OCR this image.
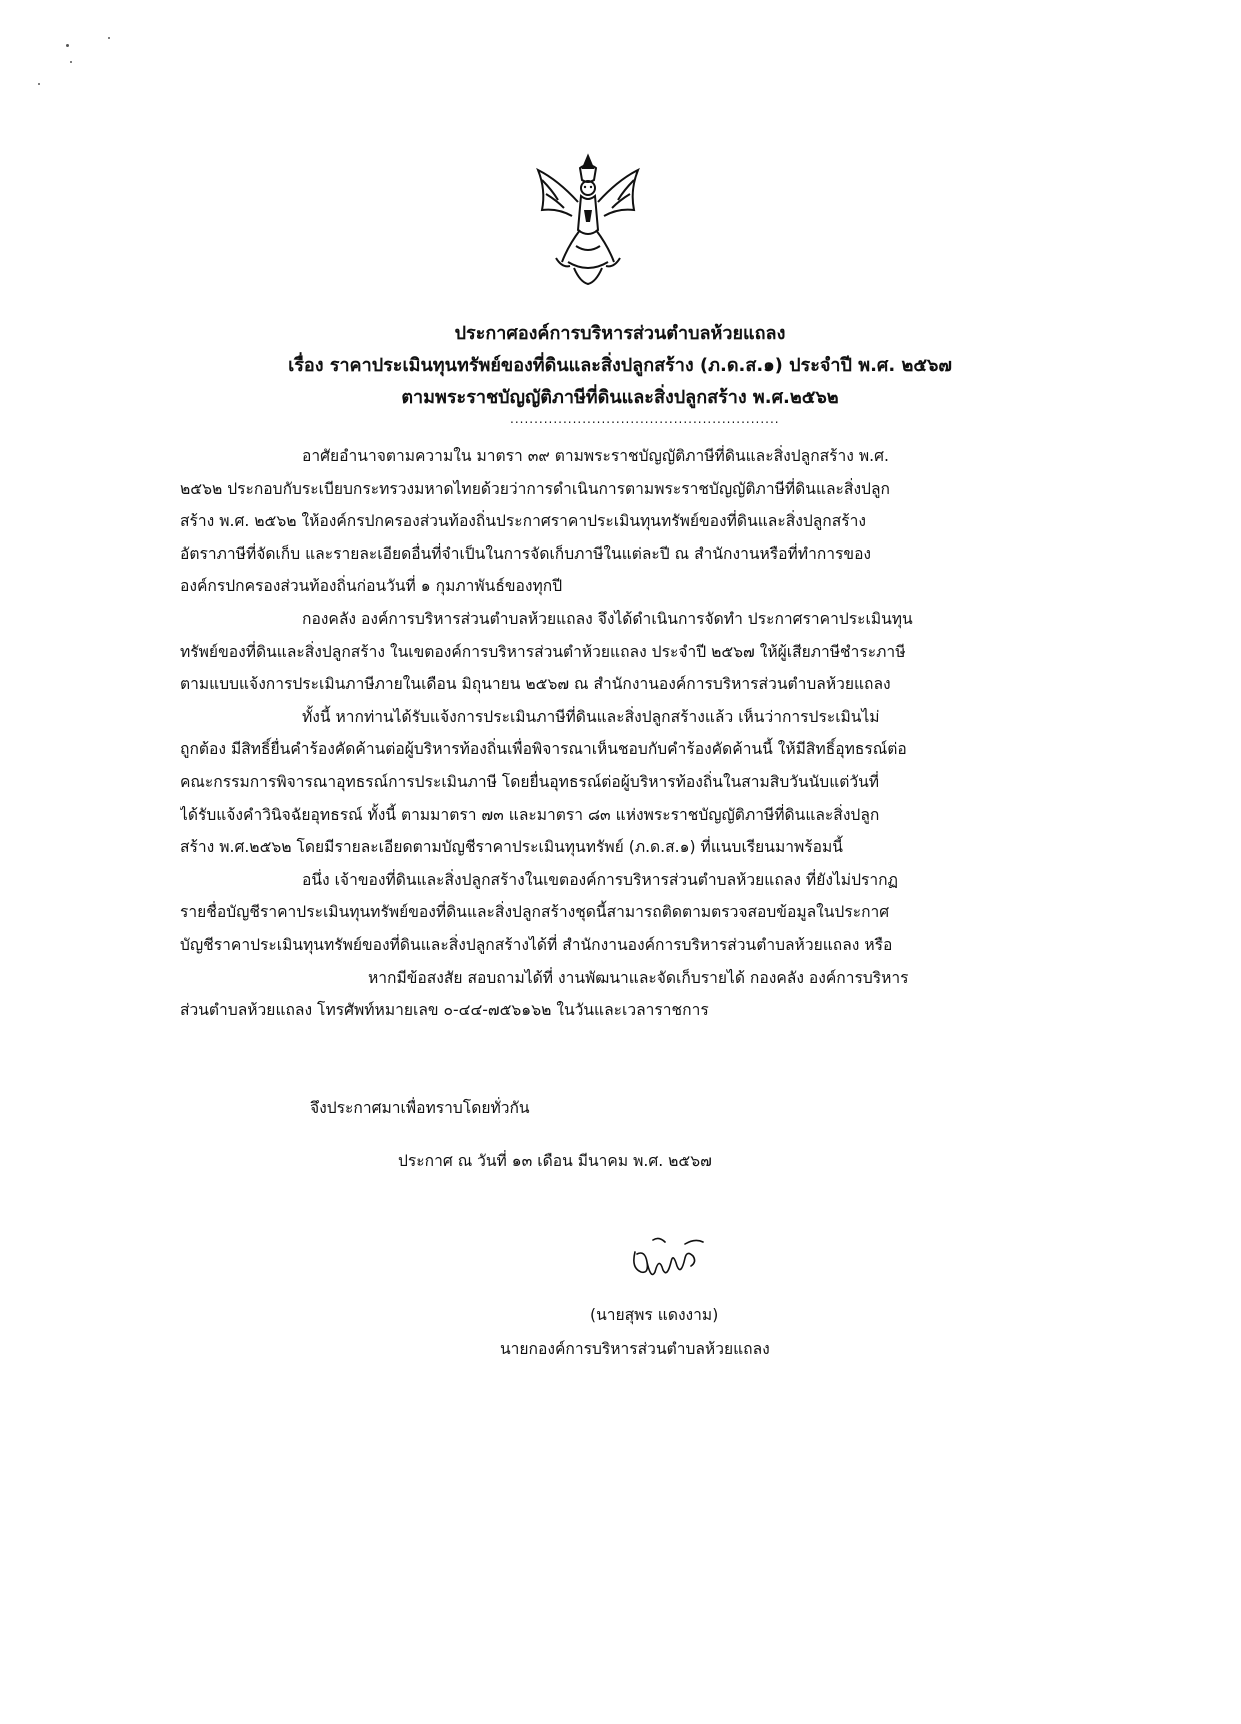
ประกาศองค์การบริหารส่วนตำบลห้วยแถลง
เรื่อง ราคาประเมินทุนทรัพย์ของที่ดินและสิ่งปลูกสร้าง (ภ.ด.ส.๑) ประจำปี พ.ศ. ๒๕๖๗
ตามพระราชบัญญัติภาษีที่ดินและสิ่งปลูกสร้าง พ.ศ.๒๕๖๒
........................................................

อาศัยอำนาจตามความใน มาตรา ๓๙ ตามพระราชบัญญัติภาษีที่ดินและสิ่งปลูกสร้าง พ.ศ.

๒๕๖๒ ประกอบกับระเบียบกระทรวงมหาดไทยด้วยว่าการดำเนินการตามพระราชบัญญัติภาษีที่ดินและสิ่งปลูก

สร้าง พ.ศ. ๒๕๖๒ ให้องค์กรปกครองส่วนท้องถิ่นประกาศราคาประเมินทุนทรัพย์ของที่ดินและสิ่งปลูกสร้าง

อัตราภาษีที่จัดเก็บ และรายละเอียดอื่นที่จำเป็นในการจัดเก็บภาษีในแต่ละปี ณ สำนักงานหรือที่ทำการของ

องค์กรปกครองส่วนท้องถิ่นก่อนวันที่ ๑ กุมภาพันธ์ของทุกปี

กองคลัง องค์การบริหารส่วนตำบลห้วยแถลง จึงได้ดำเนินการจัดทำ ประกาศราคาประเมินทุน

ทรัพย์ของที่ดินและสิ่งปลูกสร้าง ในเขตองค์การบริหารส่วนตำห้วยแถลง ประจำปี ๒๕๖๗ ให้ผู้เสียภาษีชำระภาษี

ตามแบบแจ้งการประเมินภาษีภายในเดือน มิถุนายน ๒๕๖๗ ณ สำนักงานองค์การบริหารส่วนตำบลห้วยแถลง

ทั้งนี้ หากท่านได้รับแจ้งการประเมินภาษีที่ดินและสิ่งปลูกสร้างแล้ว เห็นว่าการประเมินไม่

ถูกต้อง มีสิทธิ์ยื่นคำร้องคัดค้านต่อผู้บริหารท้องถิ่นเพื่อพิจารณาเห็นชอบกับคำร้องคัดค้านนี้ ให้มีสิทธิ์อุทธรณ์ต่อ

คณะกรรมการพิจารณาอุทธรณ์การประเมินภาษี โดยยื่นอุทธรณ์ต่อผู้บริหารท้องถิ่นในสามสิบวันนับแต่วันที่

ได้รับแจ้งคำวินิจฉัยอุทธรณ์ ทั้งนี้ ตามมาตรา ๗๓ และมาตรา ๘๓ แห่งพระราชบัญญัติภาษีที่ดินและสิ่งปลูก

สร้าง พ.ศ.๒๕๖๒ โดยมีรายละเอียดตามบัญชีราคาประเมินทุนทรัพย์ (ภ.ด.ส.๑) ที่แนบเรียนมาพร้อมนี้

อนึ่ง เจ้าของที่ดินและสิ่งปลูกสร้างในเขตองค์การบริหารส่วนตำบลห้วยแถลง ที่ยังไม่ปรากฏ

รายชื่อบัญชีราคาประเมินทุนทรัพย์ของที่ดินและสิ่งปลูกสร้างชุดนี้สามารถติดตามตรวจสอบข้อมูลในประกาศ

บัญชีราคาประเมินทุนทรัพย์ของที่ดินและสิ่งปลูกสร้างได้ที่ สำนักงานองค์การบริหารส่วนตำบลห้วยแถลง หรือ

หากมีข้อสงสัย สอบถามได้ที่ งานพัฒนาและจัดเก็บรายได้ กองคลัง องค์การบริหาร

ส่วนตำบลห้วยแถลง โทรศัพท์หมายเลข ๐-๔๔-๗๕๖๑๖๒ ในวันและเวลาราชการ

จึงประกาศมาเพื่อทราบโดยทั่วกัน
ประกาศ ณ วันที่ ๑๓ เดือน มีนาคม พ.ศ. ๒๕๖๗
(นายสุพร แดงงาม)
นายกองค์การบริหารส่วนตำบลห้วยแถลง
